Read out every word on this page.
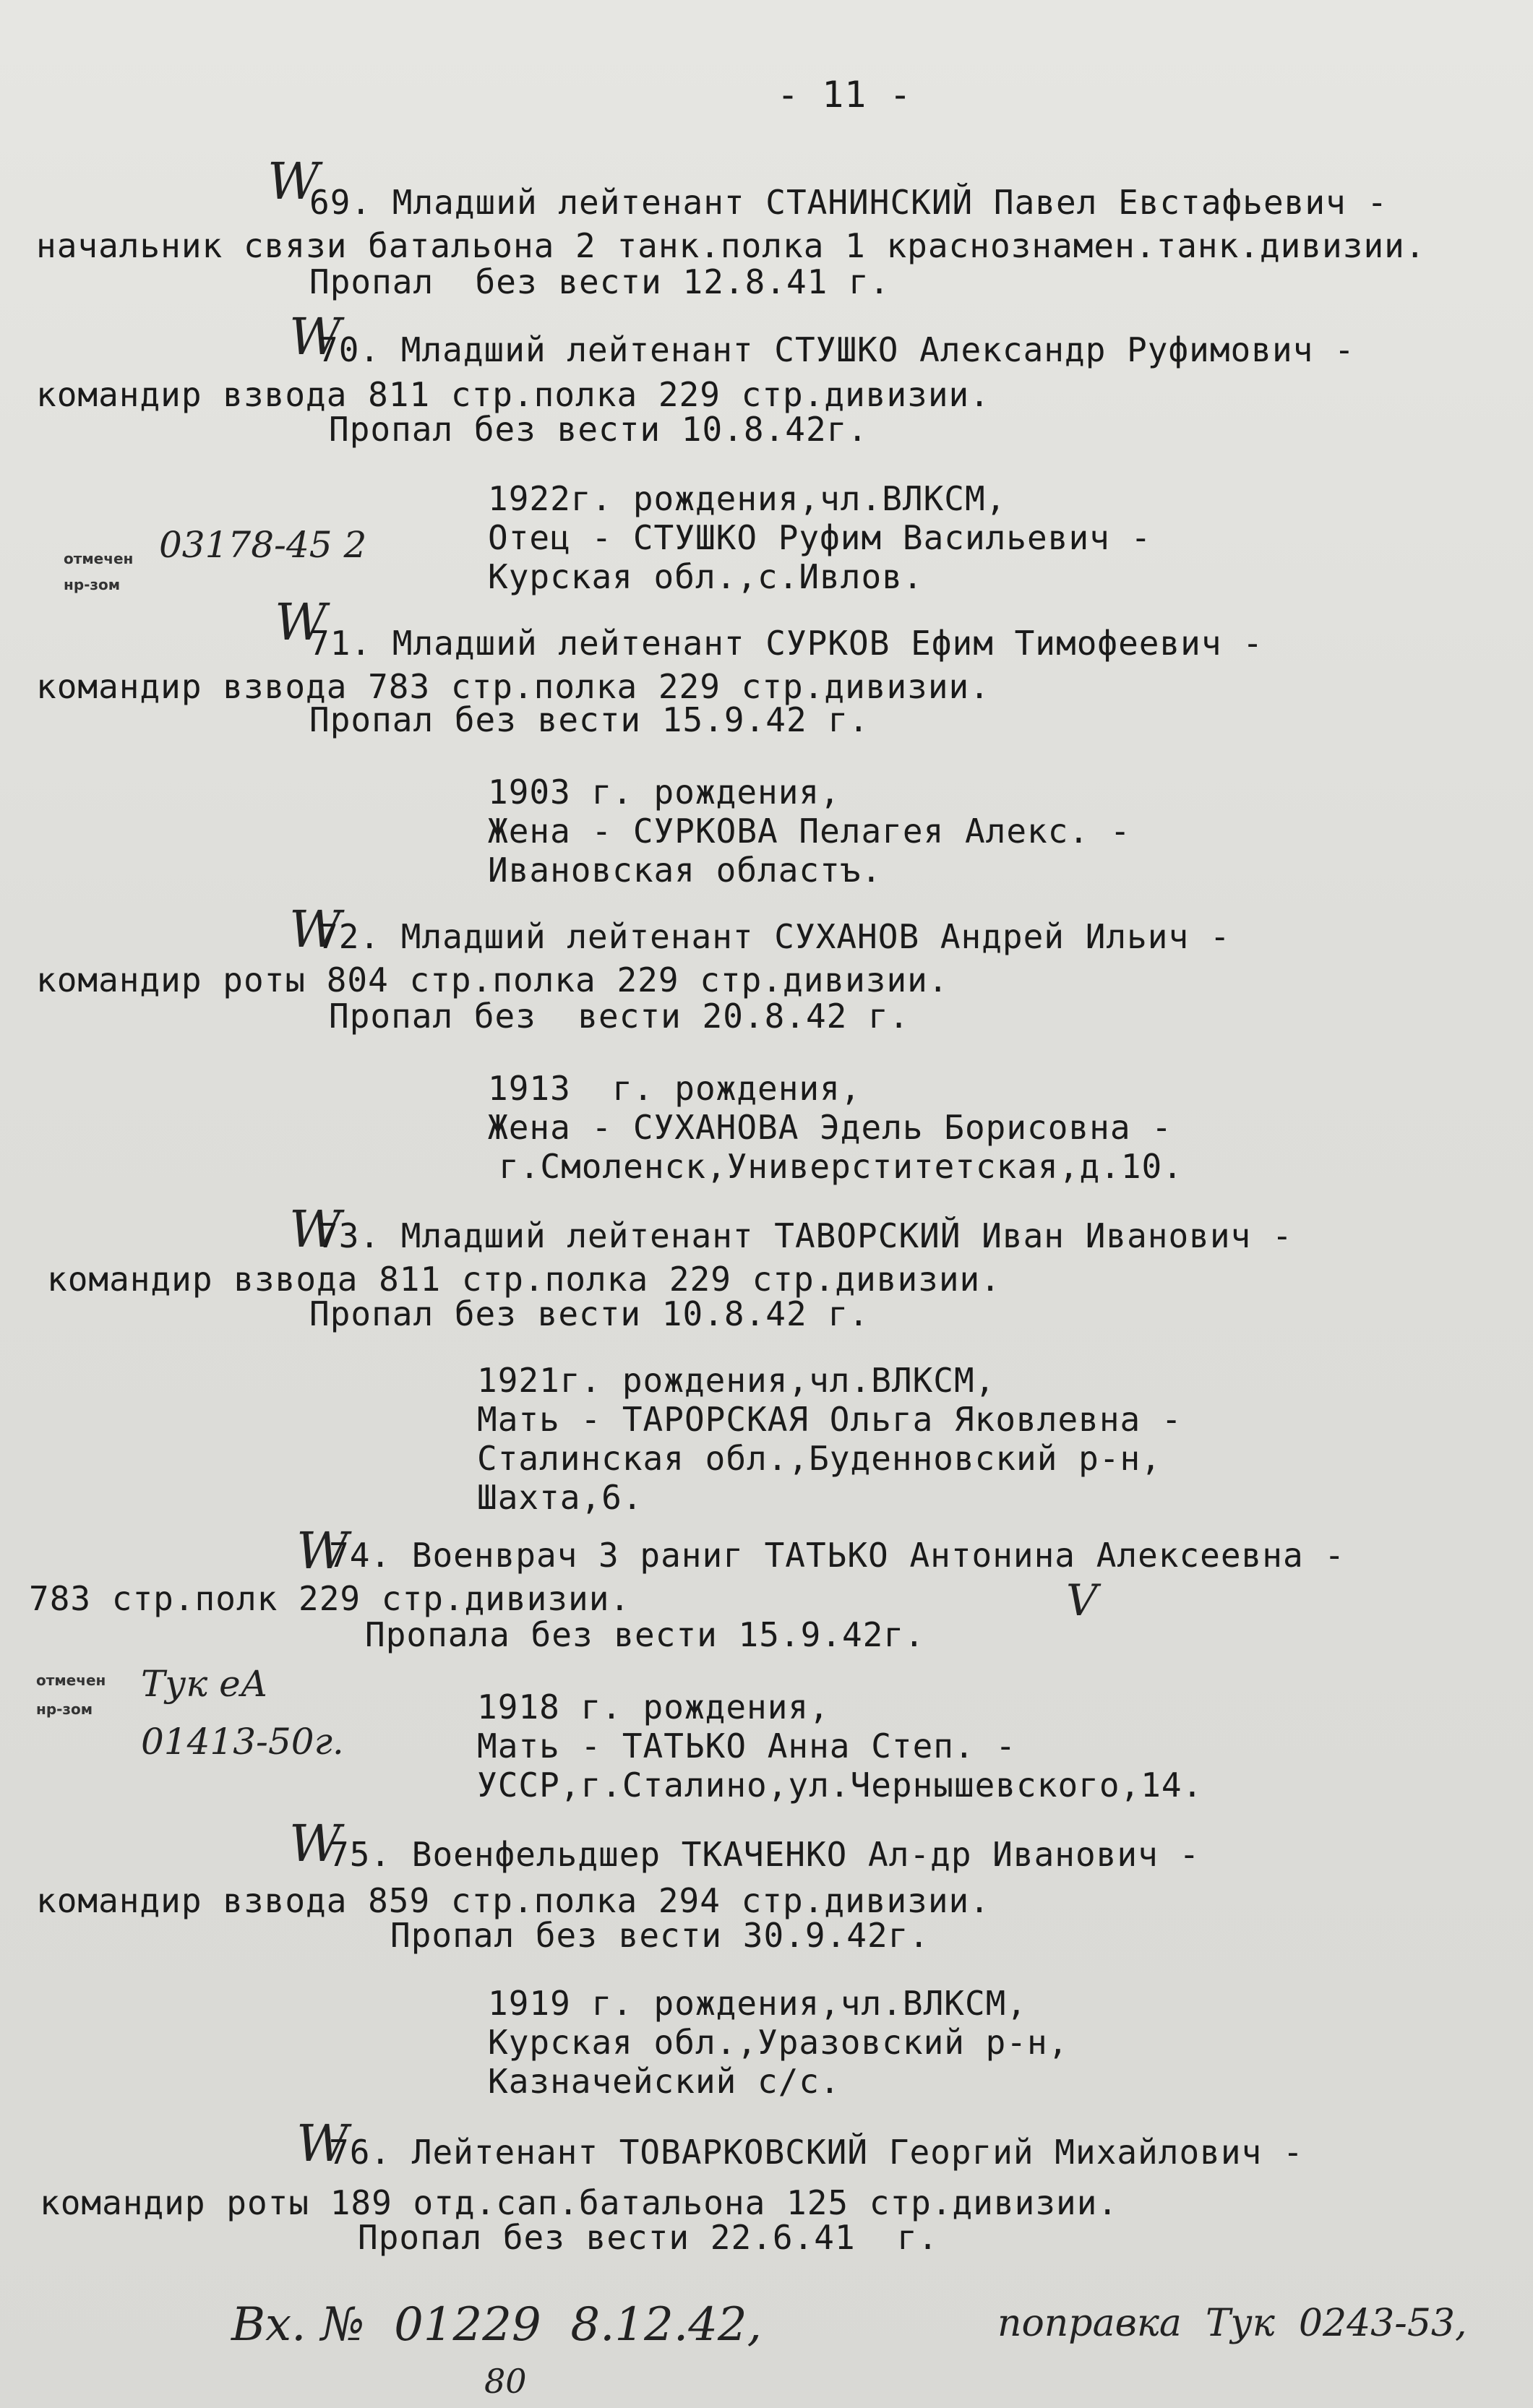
- 11 -
W
69. Младший лейтенант СТАНИНСКИЙ Павел Евстафьевич -
начальник связи батальона 2 танк.полка 1 краснознамен.танк.дивизии.
Пропал  без вести 12.8.41 г.
W
70. Младший лейтенант СТУШКО Александр Руфимович -
командир взвода 811 стр.полка 229 стр.дивизии.
Пропал без вести 10.8.42г.
1922г. рождения,чл.ВЛКСМ,
Отец - СТУШКО Руфим Васильевич -
Курская обл.,с.Ивлов.
отмечен
нр-зом
03178-45 2
W
71. Младший лейтенант СУРКОВ Ефим Тимофеевич -
командир взвода 783 стр.полка 229 стр.дивизии.
Пропал без вести 15.9.42 г.
1903 г. рождения,
Жена - СУРКОВА Пелагея Алекс. -
Ивановская областъ.
W
72. Младший лейтенант СУХАНОВ Андрей Ильич -
командир роты 804 стр.полка 229 стр.дивизии.
Пропал без  вести 20.8.42 г.
1913  г. рождения,
Жена - СУХАНОВА Эдель Борисовна -
г.Смоленск,Универститетская,д.10.
W
73. Младший лейтенант ТАВОРСКИЙ Иван Иванович -
командир взвода 811 стр.полка 229 стр.дивизии.
Пропал без вести 10.8.42 г.
1921г. рождения,чл.ВЛКСМ,
Мать - ТАРОРСКАЯ Ольга Яковлевна -
Сталинская обл.,Буденновский р-н,
Шахта,6.
W
74. Военврач 3 раниг ТАТЬКО Антонина Алексеевна -
783 стр.полк 229 стр.дивизии.
Пропала без вести 15.9.42г.
V
отмечен
нр-зом
Тук еА
01413-50г.
1918 г. рождения,
Мать - ТАТЬКО Анна Степ. -
УССР,г.Сталино,ул.Чернышевского,14.
W
75. Военфельдшер ТКАЧЕНКО Ал-др Иванович -
командир взвода 859 стр.полка 294 стр.дивизии.
Пропал без вести 30.9.42г.
1919 г. рождения,чл.ВЛКСМ,
Курская обл.,Уразовский р-н,
Казначейский с/с.
W
76. Лейтенант ТОВАРКОВСКИЙ Георгий Михайлович -
командир роты 189 отд.сап.батальона 125 стр.дивизии.
Пропал без вести 22.6.41  г.
Вх. №  01229  8.12.42,
80
поправка  Тук  0243-53,
